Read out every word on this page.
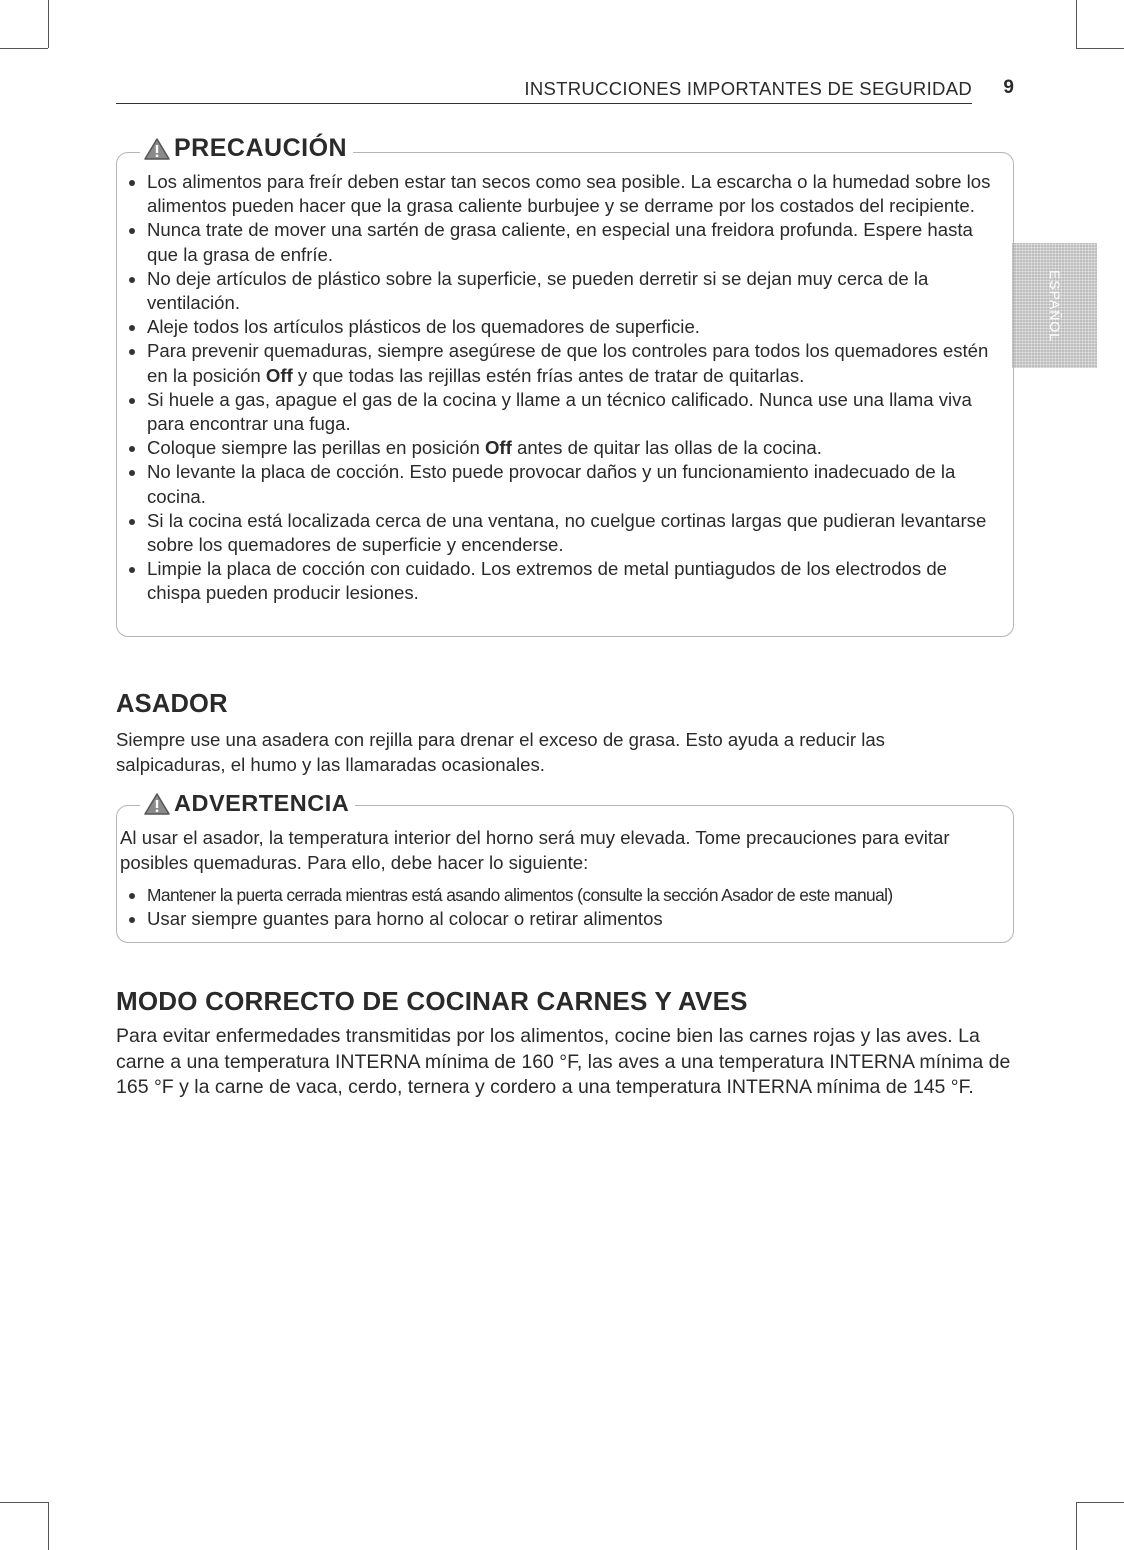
INSTRUCCIONES IMPORTANTES DE SEGURIDAD 9
ESPAÑOL
PRECAUCIÓN
Los alimentos para freír deben estar tan secos como sea posible. La escarcha o la humedad sobre los alimentos pueden hacer que la grasa caliente burbujee y se derrame por los costados del recipiente.
Nunca trate de mover una sartén de grasa caliente, en especial una freidora profunda. Espere hasta que la grasa de enfríe.
No deje artículos de plástico sobre la superficie, se pueden derretir si se dejan muy cerca de la ventilación.
Aleje todos los artículos plásticos de los quemadores de superficie.
Para prevenir quemaduras, siempre asegúrese de que los controles para todos los quemadores estén en la posición Off y que todas las rejillas estén frías antes de tratar de quitarlas.
Si huele a gas, apague el gas de la cocina y llame a un técnico calificado. Nunca use una llama viva para encontrar una fuga.
Coloque siempre las perillas en posición Off antes de quitar las ollas de la cocina.
No levante la placa de cocción. Esto puede provocar daños y un funcionamiento inadecuado de la cocina.
Si la cocina está localizada cerca de una ventana, no cuelgue cortinas largas que pudieran levantarse sobre los quemadores de superficie y encenderse.
Limpie la placa de cocción con cuidado. Los extremos de metal puntiagudos de los electrodos de chispa pueden producir lesiones.
ASADOR

Siempre use una asadera con rejilla para drenar el exceso de grasa. Esto ayuda a reducir las salpicaduras, el humo y las llamaradas ocasionales.

ADVERTENCIA

Al usar el asador, la temperatura interior del horno será muy elevada. Tome precauciones para evitar posibles quemaduras. Para ello, debe hacer lo siguiente:

Mantener la puerta cerrada mientras está asando alimentos (consulte la sección Asador de este manual)
Usar siempre guantes para horno al colocar o retirar alimentos
MODO CORRECTO DE COCINAR CARNES Y AVES

Para evitar enfermedades transmitidas por los alimentos, cocine bien las carnes rojas y las aves. La carne a una temperatura INTERNA mínima de 160 °F, las aves a una temperatura INTERNA mínima de 165 °F y la carne de vaca, cerdo, ternera y cordero a una temperatura INTERNA mínima de 145 °F.
